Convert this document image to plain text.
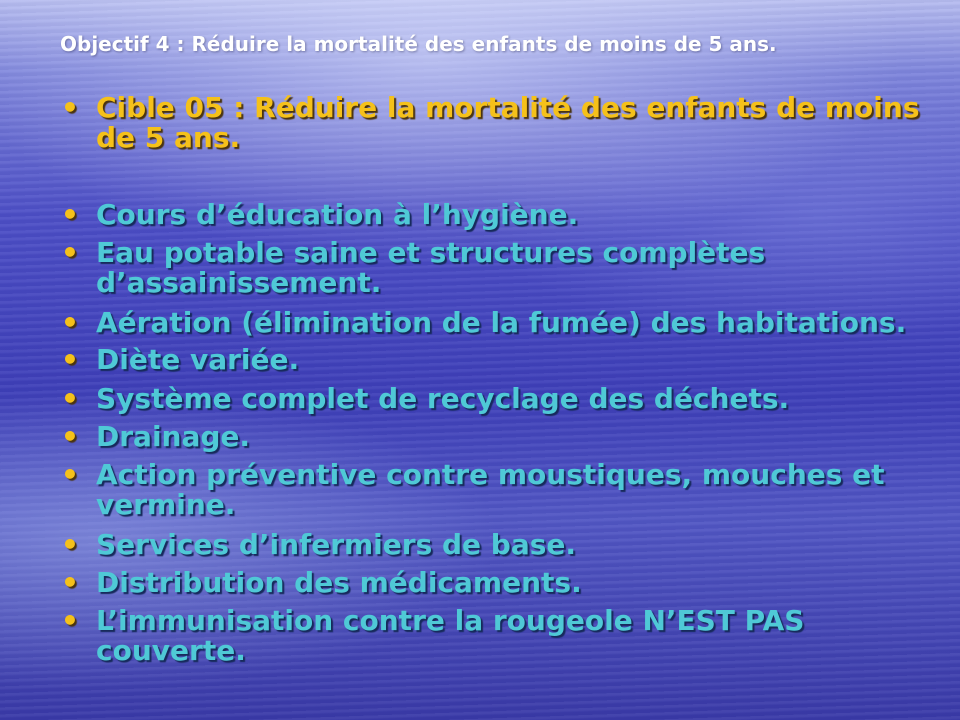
Objectif 4 : Réduire la mortalité des enfants de moins de 5 ans.
• Cible 05 : Réduire la mortalité des enfants de moins de 5 ans.
• Cours d’éducation à l’hygiène.
• Eau potable saine et structures complètes d’assainissement.
• Aération (élimination de la fumée) des habitations.
• Diète variée.
• Système complet de recyclage des déchets.
• Drainage.
• Action préventive contre moustiques, mouches et vermine.
• Services d’infermiers de base.
• Distribution des médicaments.
• L’immunisation contre la rougeole N’EST PAS couverte.
